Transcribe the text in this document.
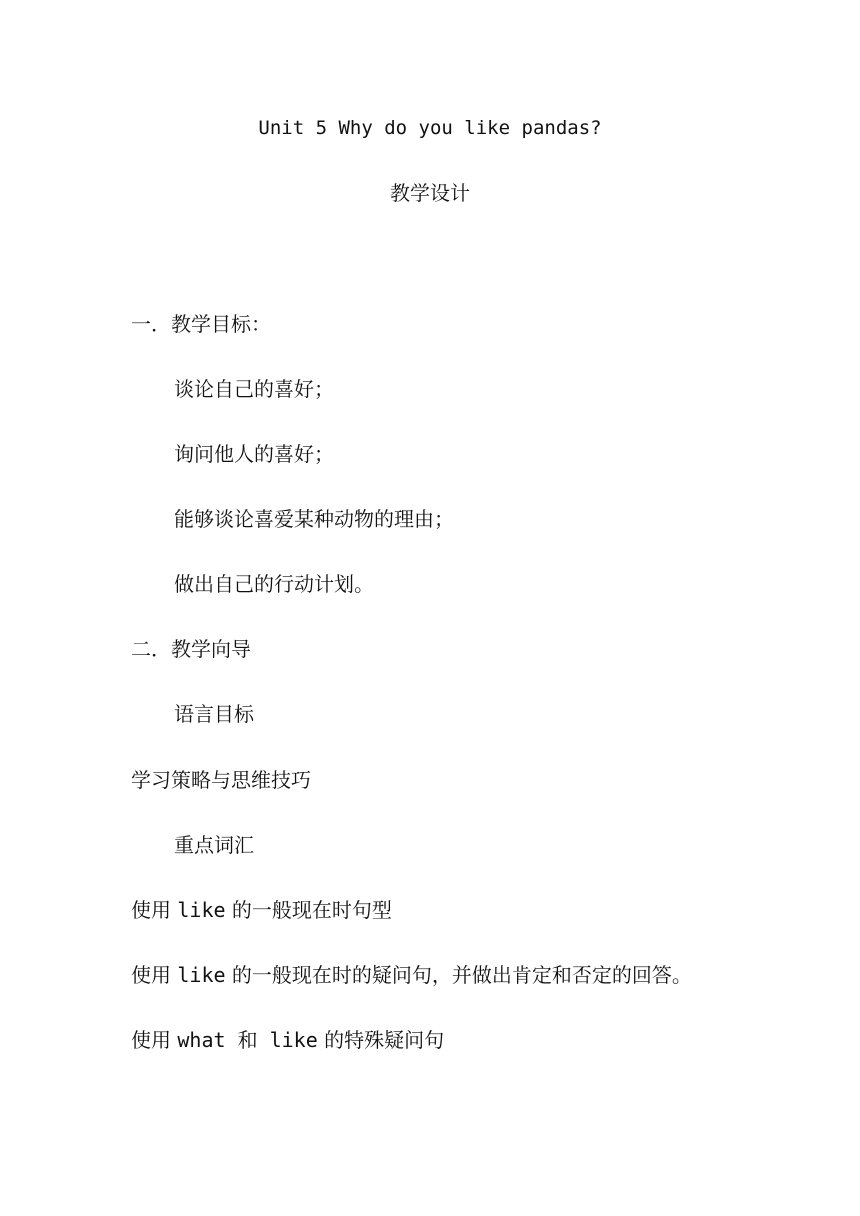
Unit 5 Why do you like pandas?
教学设计
一．教学目标：
谈论自己的喜好；
询问他人的喜好；
能够谈论喜爱某种动物的理由；
做出自己的行动计划。
二．教学向导
语言目标
学习策略与思维技巧
重点词汇
使用 like 的一般现在时句型
使用 like 的一般现在时的疑问句，并做出肯定和否定的回答。
使用 what 和 like 的特殊疑问句
